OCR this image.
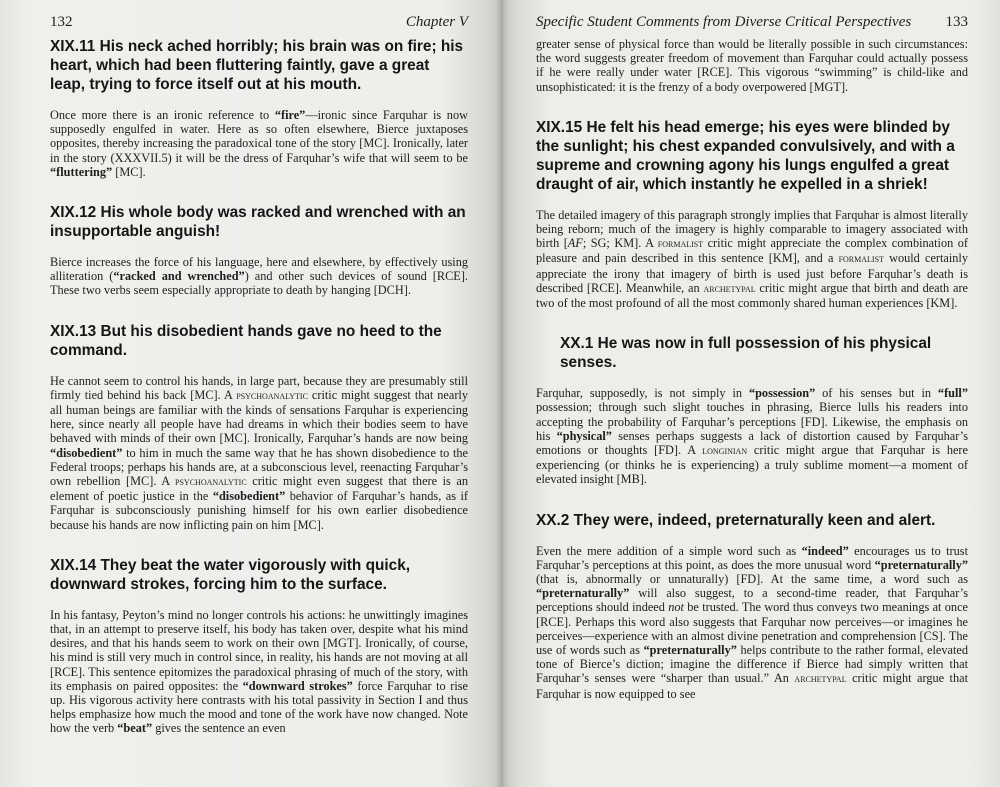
132	Chapter V
XIX.11 His neck ached horribly; his brain was on fire; his heart, which had been fluttering faintly, gave a great leap, trying to force itself out at his mouth.

Once more there is an ironic reference to “fire”—ironic since Farquhar is now supposedly engulfed in water. Here as so often elsewhere, Bierce juxtaposes opposites, thereby increasing the paradoxical tone of the story [MC]. Ironically, later in the story (XXXVII.5) it will be the dress of Farquhar’s wife that will seem to be “fluttering” [MC].

XIX.12 His whole body was racked and wrenched with an insupportable anguish!

Bierce increases the force of his language, here and elsewhere, by effectively using alliteration (“racked and wrenched”) and other such devices of sound [RCE]. These two verbs seem especially appropriate to death by hanging [DCH].

XIX.13 But his disobedient hands gave no heed to the command.

He cannot seem to control his hands, in large part, because they are presumably still firmly tied behind his back [MC]. A psychoanalytic critic might suggest that nearly all human beings are familiar with the kinds of sensations Farquhar is experiencing here, since nearly all people have had dreams in which their bodies seem to have behaved with minds of their own [MC]. Ironically, Farquhar’s hands are now being “disobedient” to him in much the same way that he has shown disobedience to the Federal troops; perhaps his hands are, at a subconscious level, reenacting Farquhar’s own rebellion [MC]. A psychoanalytic critic might even suggest that there is an element of poetic justice in the “disobedient” behavior of Farquhar’s hands, as if Farquhar is subconsciously punishing himself for his own earlier disobedience because his hands are now inflicting pain on him [MC].

XIX.14 They beat the water vigorously with quick, downward strokes, forcing him to the surface.

In his fantasy, Peyton’s mind no longer controls his actions: he unwittingly imagines that, in an attempt to preserve itself, his body has taken over, despite what his mind desires, and that his hands seem to work on their own [MGT]. Ironically, of course, his mind is still very much in control since, in reality, his hands are not moving at all [RCE]. This sentence epitomizes the paradoxical phrasing of much of the story, with its emphasis on paired opposites: the “downward strokes” force Farquhar to rise up. His vigorous activity here contrasts with his total passivity in Section I and thus helps emphasize how much the mood and tone of the work have now changed. Note how the verb “beat” gives the sentence an even

Specific Student Comments from Diverse Critical Perspectives 133

greater sense of physical force than would be literally possible in such circumstances: the word suggests greater freedom of movement than Farquhar could actually possess if he were really under water [RCE]. This vigorous “swimming” is child-like and unsophisticated: it is the frenzy of a body overpowered [MGT].

XIX.15 He felt his head emerge; his eyes were blinded by the sunlight; his chest expanded convulsively, and with a supreme and crowning agony his lungs engulfed a great draught of air, which instantly he expelled in a shriek!

The detailed imagery of this paragraph strongly implies that Farquhar is almost literally being reborn; much of the imagery is highly comparable to imagery associated with birth [AF; SG; KM]. A formalist critic might appreciate the complex combination of pleasure and pain described in this sentence [KM], and a formalist would certainly appreciate the irony that imagery of birth is used just before Farquhar’s death is described [RCE]. Meanwhile, an archetypal critic might argue that birth and death are two of the most profound of all the most commonly shared human experiences [KM].

XX.1 He was now in full possession of his physical senses.

Farquhar, supposedly, is not simply in “possession” of his senses but in “full” possession; through such slight touches in phrasing, Bierce lulls his readers into accepting the probability of Farquhar’s perceptions [FD]. Likewise, the emphasis on his “physical” senses perhaps suggests a lack of distortion caused by Farquhar’s emotions or thoughts [FD]. A longinian critic might argue that Farquhar is here experiencing (or thinks he is experiencing) a truly sublime moment—a moment of elevated insight [MB].

XX.2 They were, indeed, preternaturally keen and alert.

Even the mere addition of a simple word such as “indeed” encourages us to trust Farquhar’s perceptions at this point, as does the more unusual word “preternaturally” (that is, abnormally or unnaturally) [FD]. At the same time, a word such as “preternaturally” will also suggest, to a second-time reader, that Farquhar’s perceptions should indeed not be trusted. The word thus conveys two meanings at once [RCE]. Perhaps this word also suggests that Farquhar now perceives—or imagines he perceives—experience with an almost divine penetration and comprehension [CS]. The use of words such as “preternaturally” helps contribute to the rather formal, elevated tone of Bierce’s diction; imagine the difference if Bierce had simply written that Farquhar’s senses were “sharper than usual.” An archetypal critic might argue that Farquhar is now equipped to see
